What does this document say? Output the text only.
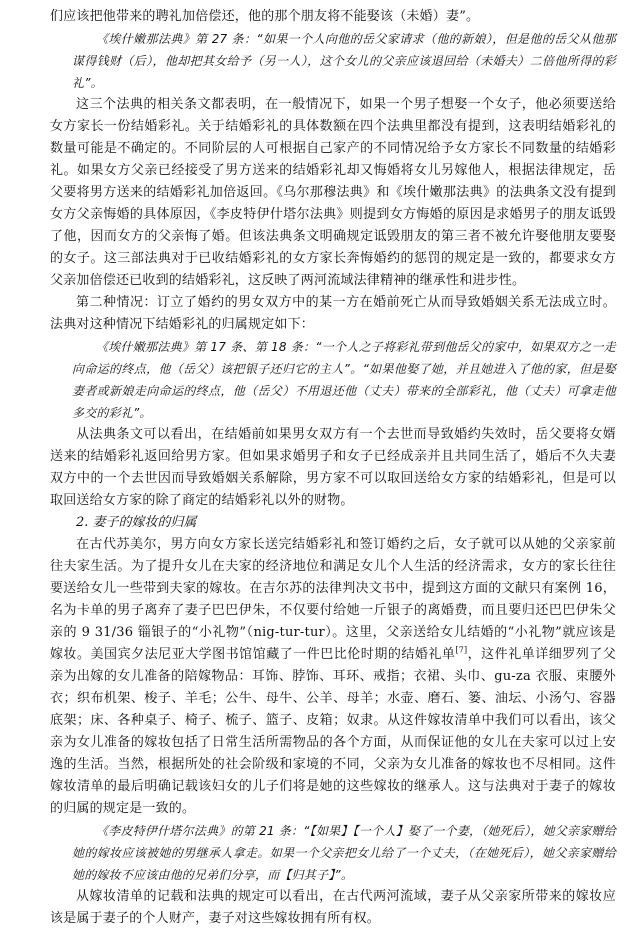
们应该把他带来的聘礼加倍偿还，他的那个朋友将不能娶该（未婚）妻”。

《埃什嫩那法典》第 27 条：“如果一个人向他的岳父家请求（他的新娘），但是他的岳父从他那谋得钱财（后），他却把其女给予（另一人），这个女儿的父亲应该退回给（未婚夫）二倍他所得的彩礼”。

这三个法典的相关条文都表明，在一般情况下，如果一个男子想娶一个女子，他必须要送给女方家长一份结婚彩礼。关于结婚彩礼的具体数额在四个法典里都没有提到，这表明结婚彩礼的数量可能是不确定的。不同阶层的人可根据自己家产的不同情况给予女方家长不同数量的结婚彩礼。如果女方父亲已经接受了男方送来的结婚彩礼却又悔婚将女儿另嫁他人，根据法律规定，岳父要将男方送来的结婚彩礼加倍返回。《乌尔那穆法典》和《埃什嫩那法典》的法典条文没有提到女方父亲悔婚的具体原因，《李皮特伊什塔尔法典》则提到女方悔婚的原因是求婚男子的朋友诋毁了他，因而女方的父亲悔了婚。但该法典条文明确规定诋毁朋友的第三者不被允许娶他朋友要娶的女子。这三部法典对于已收结婚彩礼的女方家长奔悔婚约的惩罚的规定是一致的，都要求女方父亲加倍偿还已收到的结婚彩礼，这反映了两河流域法律精神的继承性和进步性。

第二种情况：订立了婚约的男女双方中的某一方在婚前死亡从而导致婚姻关系无法成立时。法典对这种情况下结婚彩礼的归属规定如下：

《埃什嫩那法典》第 17 条、第 18 条：“一个人之子将彩礼带到他岳父的家中，如果双方之一走向命运的终点，他（岳父）该把银子还归它的主人”。“如果他娶了她，并且她进入了他的家，但是娶妻者或新娘走向命运的终点，他（岳父）不用退还他（丈夫）带来的全部彩礼，他（丈夫）可拿走他多交的彩礼”。

从法典条文可以看出，在结婚前如果男女双方有一个去世而导致婚约失效时，岳父要将女婿送来的结婚彩礼返回给男方家。但如果求婚男子和女子已经成亲并且共同生活了，婚后不久夫妻双方中的一个去世因而导致婚姻关系解除，男方家不可以取回送给女方家的结婚彩礼，但是可以取回送给女方家的除了商定的结婚彩礼以外的财物。

2. 妻子的嫁妆的归属

在古代苏美尔，男方向女方家长送完结婚彩礼和签订婚约之后，女子就可以从她的父亲家前往夫家生活。为了提升女儿在夫家的经济地位和满足女儿个人生活的经济需求，女方的家长往往要送给女儿一些带到夫家的嫁妆。在吉尔苏的法律判决文书中，提到这方面的文献只有案例 16，名为卡单的男子离弃了妻子巴巴伊朱，不仅要付给她一斤银子的离婚费，而且要归还巴巴伊朱父亲的 9 31/36 锱银子的“小礼物”（nig-tur-tur）。这里，父亲送给女儿结婚的“小礼物”就应该是嫁妆。美国宾夕法尼亚大学图书馆馆藏了一件巴比伦时期的结婚礼单[7]，这件礼单详细罗列了父亲为出嫁的女儿准备的陪嫁物品：耳饰、脖饰、耳环、戒指；衣裙、头巾、gu-za 衣服、束腰外衣；织布机架、梭子、羊毛；公牛、母牛、公羊、母羊；水壶、磨石、篓、油坛、小汤勺、容器底架；床、各种桌子、椅子、梳子、篮子、皮箱；奴隶。从这件嫁妆清单中我们可以看出，该父亲为女儿准备的嫁妆包括了日常生活所需物品的各个方面，从而保证他的女儿在夫家可以过上安逸的生活。当然，根据所处的社会阶级和家境的不同，父亲为女儿准备的嫁妆也不尽相同。这件嫁妆清单的最后明确记载该妇女的儿子们将是她的这些嫁妆的继承人。这与法典对于妻子的嫁妆的归属的规定是一致的。

《李皮特伊什塔尔法典》的第 21 条：“【如果】【一个人】娶了一个妻，（她死后），她父亲家赠给她的嫁妆应该被她的男继承人拿走。如果一个父亲把女儿给了一个丈夫，（在她死后），她父亲家赠给她的嫁妆不应该由他的兄弟们分享，而【归其子】”。

从嫁妆清单的记载和法典的规定可以看出，在古代两河流域，妻子从父亲家所带来的嫁妆应该是属于妻子的个人财产，妻子对这些嫁妆拥有所有权。
